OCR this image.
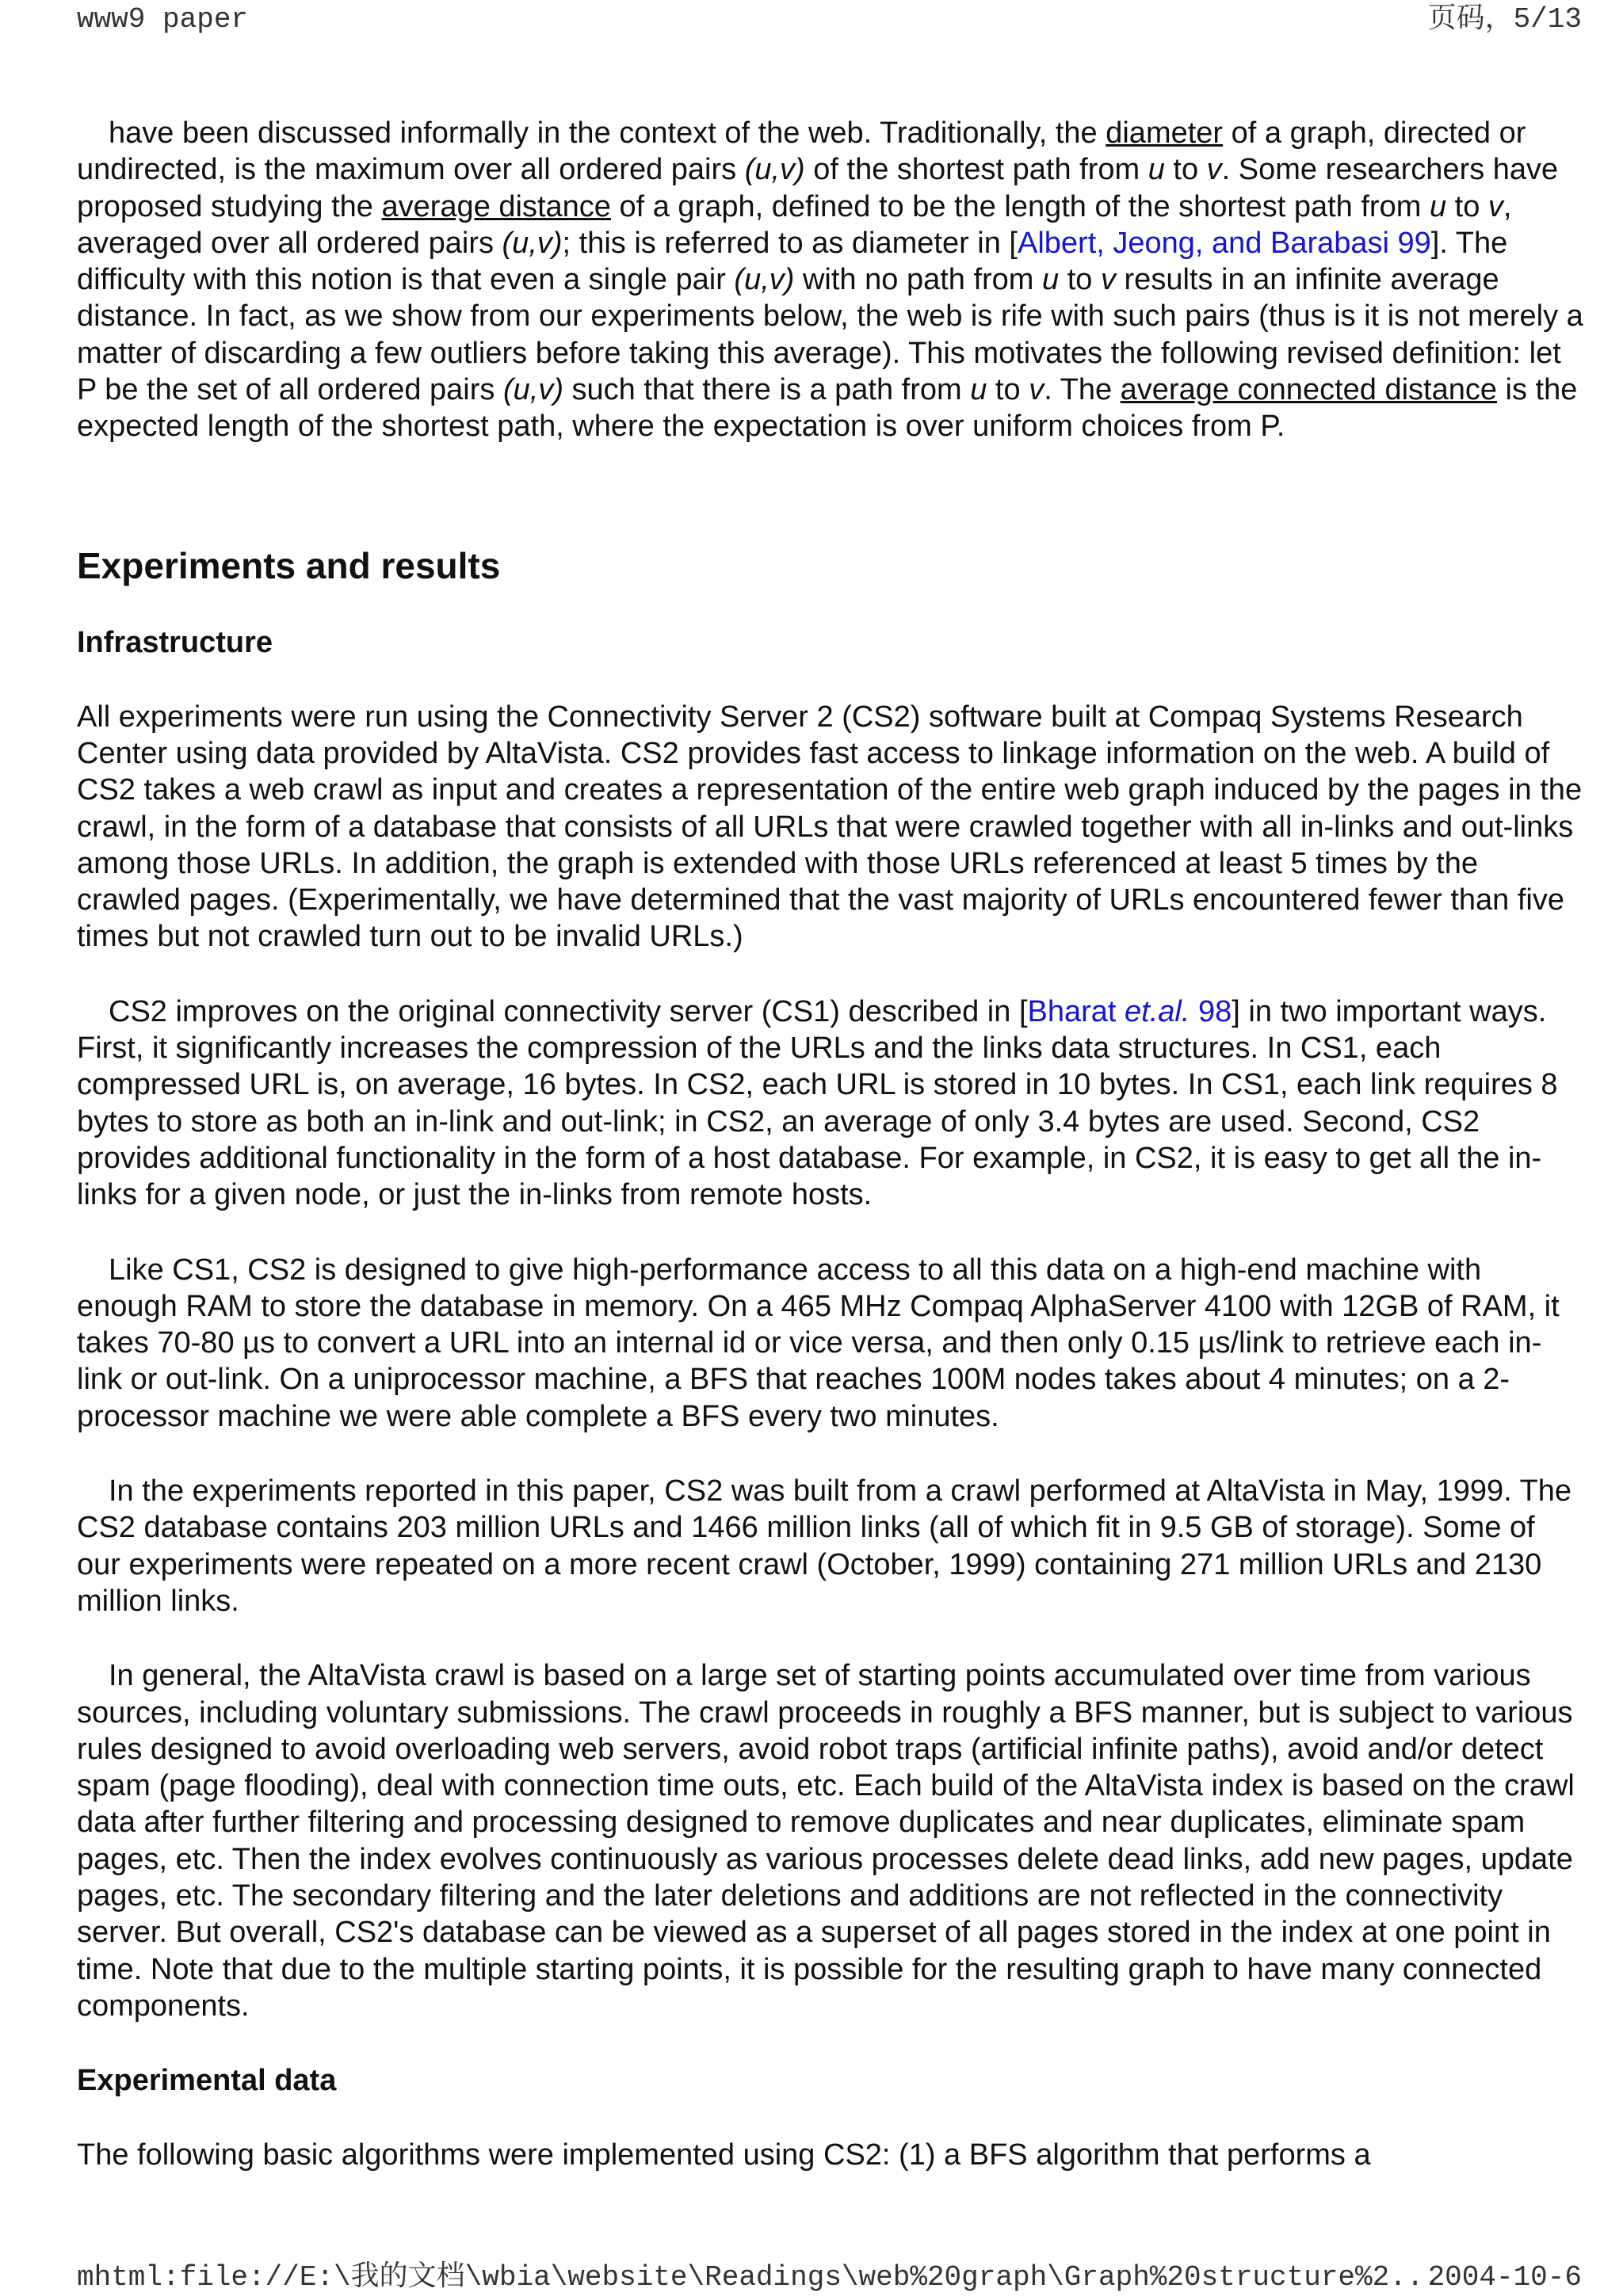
www9 paper	页码，5/13

have been discussed informally in the context of the web. Traditionally, the diameter of a graph, directed or undirected, is the maximum over all ordered pairs (u,v) of the shortest path from u to v. Some researchers have proposed studying the average distance of a graph, defined to be the length of the shortest path from u to v, averaged over all ordered pairs (u,v); this is referred to as diameter in [Albert, Jeong, and Barabasi 99]. The difficulty with this notion is that even a single pair (u,v) with no path from u to v results in an infinite average distance. In fact, as we show from our experiments below, the web is rife with such pairs (thus is it is not merely a matter of discarding a few outliers before taking this average). This motivates the following revised definition: let P be the set of all ordered pairs (u,v) such that there is a path from u to v. The average connected distance is the expected length of the shortest path, where the expectation is over uniform choices from P.

Experiments and results
Infrastructure

All experiments were run using the Connectivity Server 2 (CS2) software built at Compaq Systems Research Center using data provided by AltaVista. CS2 provides fast access to linkage information on the web. A build of CS2 takes a web crawl as input and creates a representation of the entire web graph induced by the pages in the crawl, in the form of a database that consists of all URLs that were crawled together with all in-links and out-links among those URLs. In addition, the graph is extended with those URLs referenced at least 5 times by the crawled pages. (Experimentally, we have determined that the vast majority of URLs encountered fewer than five times but not crawled turn out to be invalid URLs.)

CS2 improves on the original connectivity server (CS1) described in [Bharat et.al. 98] in two important ways. First, it significantly increases the compression of the URLs and the links data structures. In CS1, each compressed URL is, on average, 16 bytes. In CS2, each URL is stored in 10 bytes. In CS1, each link requires 8 bytes to store as both an in-link and out-link; in CS2, an average of only 3.4 bytes are used. Second, CS2 provides additional functionality in the form of a host database. For example, in CS2, it is easy to get all the in-links for a given node, or just the in-links from remote hosts.

Like CS1, CS2 is designed to give high-performance access to all this data on a high-end machine with enough RAM to store the database in memory. On a 465 MHz Compaq AlphaServer 4100 with 12GB of RAM, it takes 70-80 µs to convert a URL into an internal id or vice versa, and then only 0.15 µs/link to retrieve each in-link or out-link. On a uniprocessor machine, a BFS that reaches 100M nodes takes about 4 minutes; on a 2-processor machine we were able complete a BFS every two minutes.

In the experiments reported in this paper, CS2 was built from a crawl performed at AltaVista in May, 1999. The CS2 database contains 203 million URLs and 1466 million links (all of which fit in 9.5 GB of storage). Some of our experiments were repeated on a more recent crawl (October, 1999) containing 271 million URLs and 2130 million links.

In general, the AltaVista crawl is based on a large set of starting points accumulated over time from various sources, including voluntary submissions. The crawl proceeds in roughly a BFS manner, but is subject to various rules designed to avoid overloading web servers, avoid robot traps (artificial infinite paths), avoid and/or detect spam (page flooding), deal with connection time outs, etc. Each build of the AltaVista index is based on the crawl data after further filtering and processing designed to remove duplicates and near duplicates, eliminate spam pages, etc. Then the index evolves continuously as various processes delete dead links, add new pages, update pages, etc. The secondary filtering and the later deletions and additions are not reflected in the connectivity server. But overall, CS2's database can be viewed as a superset of all pages stored in the index at one point in time. Note that due to the multiple starting points, it is possible for the resulting graph to have many connected components.

Experimental data

The following basic algorithms were implemented using CS2: (1) a BFS algorithm that performs a

mhtml:file://E:\我的文档\wbia\website\Readings\web%20graph\Graph%20structure%2...
2004-10-6
